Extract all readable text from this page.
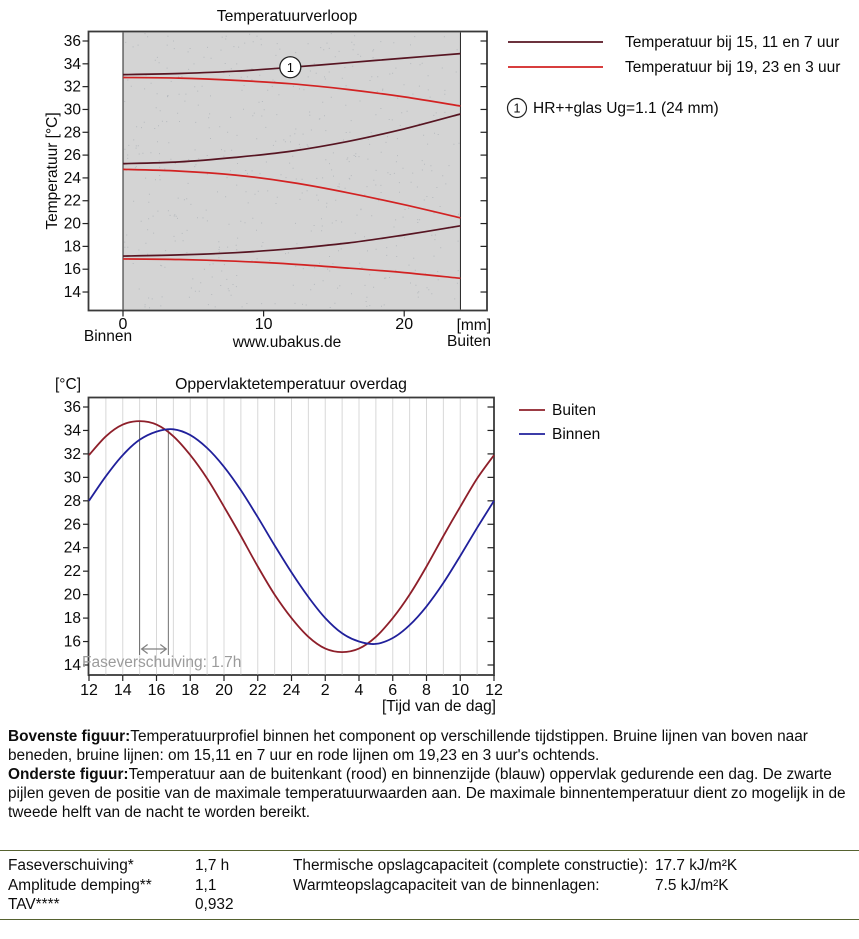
14
16
18
20
22
24
26
28
30
32
34
36
0	10	20
Temperatuurverloop
Temperatuur [°C]
Binnen
[mm]
Buiten
www.ubakus.de
1
Temperatuur bij 15, 11 en 7 uur
Temperatuur bij 19, 23 en 3 uur
1 HR++glas Ug=1.1 (24 mm)
14
16
18
20
22
24
26
28
30
32
34
36
12 14 16 18 20 22 24 2 4 6 8 10 12
Faseverschuiving: 1.7h
[°C]	Oppervlaktetemperatuur overdag
Buiten
Binnen
[Tijd van de dag]

Bovenste figuur:Temperatuurprofiel binnen het component op verschillende tijdstippen. Bruine lijnen van boven naar beneden, bruine lijnen: om 15,11 en 7 uur en rode lijnen om 19,23 en 3 uur's ochtends.

Onderste figuur:Temperatuur aan de buitenkant (rood) en binnenzijde (blauw) oppervlak gedurende een dag. De zwarte pijlen geven de positie van de maximale temperatuurwaarden aan. De maximale binnentemperatuur dient zo mogelijk in de tweede helft van de nacht te worden bereikt.

Faseverschuiving*	1,7 h	Thermische opslagcapaciteit (complete constructie): 17.7 kJ/m²K
Amplitude demping**	1,1	Warmteopslagcapaciteit van de binnenlagen:	7.5 kJ/m²K
TAV****	0,932
